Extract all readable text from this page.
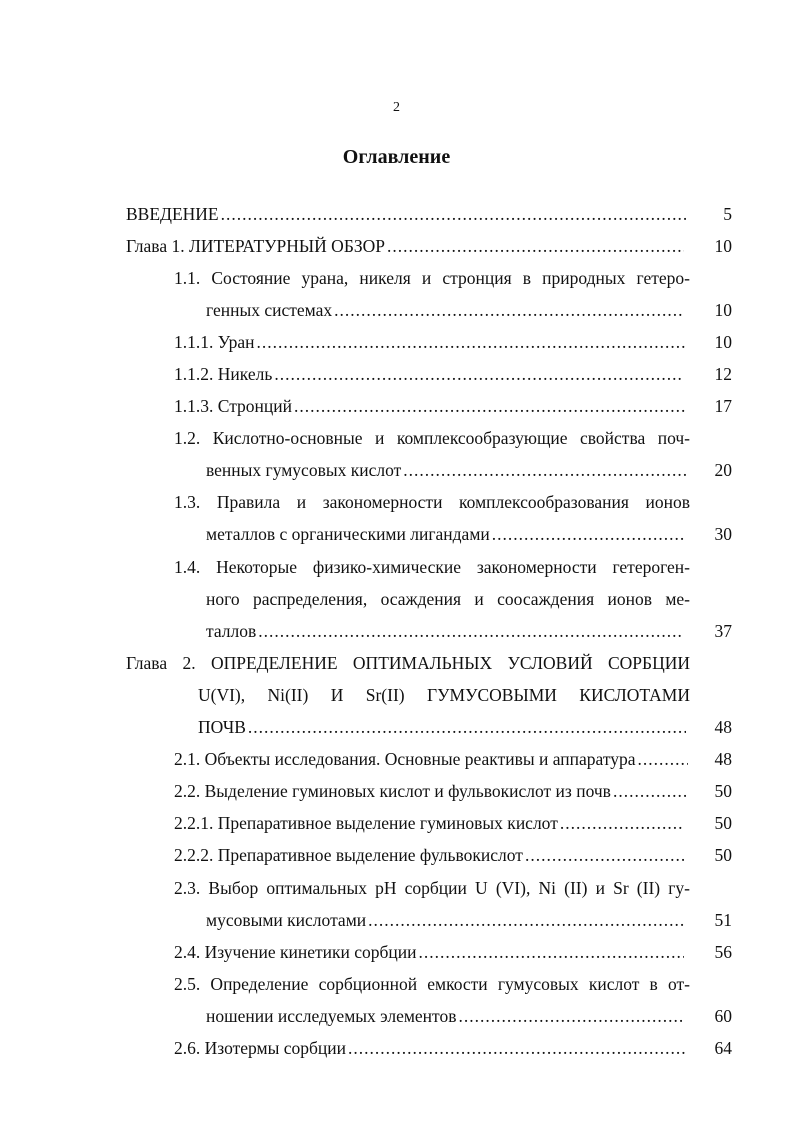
2
Оглавление
ВВЕДЕНИЕ .....	5
Глава 1. ЛИТЕРАТУРНЫЙ ОБЗОР .....	10
1.1. Состояние урана, никеля и стронция в природных гетеро-
генных системах .....	10
1.1.1. Уран .....	10
1.1.2. Никель .....	12
1.1.3. Стронций .....	17
1.2. Кислотно-основные и комплексообразующие свойства поч-
венных гумусовых кислот .....	20
1.3. Правила и закономерности комплексообразования ионов
металлов с органическими лигандами .....	30
1.4. Некоторые физико-химические закономерности гетероген-
ного распределения, осаждения и соосаждения ионов ме-
таллов .....	37
Глава 2. ОПРЕДЕЛЕНИЕ ОПТИМАЛЬНЫХ УСЛОВИЙ СОРБЦИИ
U(VI), Ni(II) И Sr(II) ГУМУСОВЫМИ КИСЛОТАМИ
ПОЧВ .....	48
2.1. Объекты исследования. Основные реактивы и аппаратура .....	48
2.2. Выделение гуминовых кислот и фульвокислот из почв .....	50
2.2.1. Препаративное выделение гуминовых кислот .....	50
2.2.2. Препаративное выделение фульвокислот .....	50
2.3. Выбор оптимальных pH сорбции U (VI), Ni (II) и Sr (II) гу-
мусовыми кислотами .....	51
2.4. Изучение кинетики сорбции .....	56
2.5. Определение сорбционной емкости гумусовых кислот в от-
ношении исследуемых элементов .....	60
2.6. Изотермы сорбции .....	64
